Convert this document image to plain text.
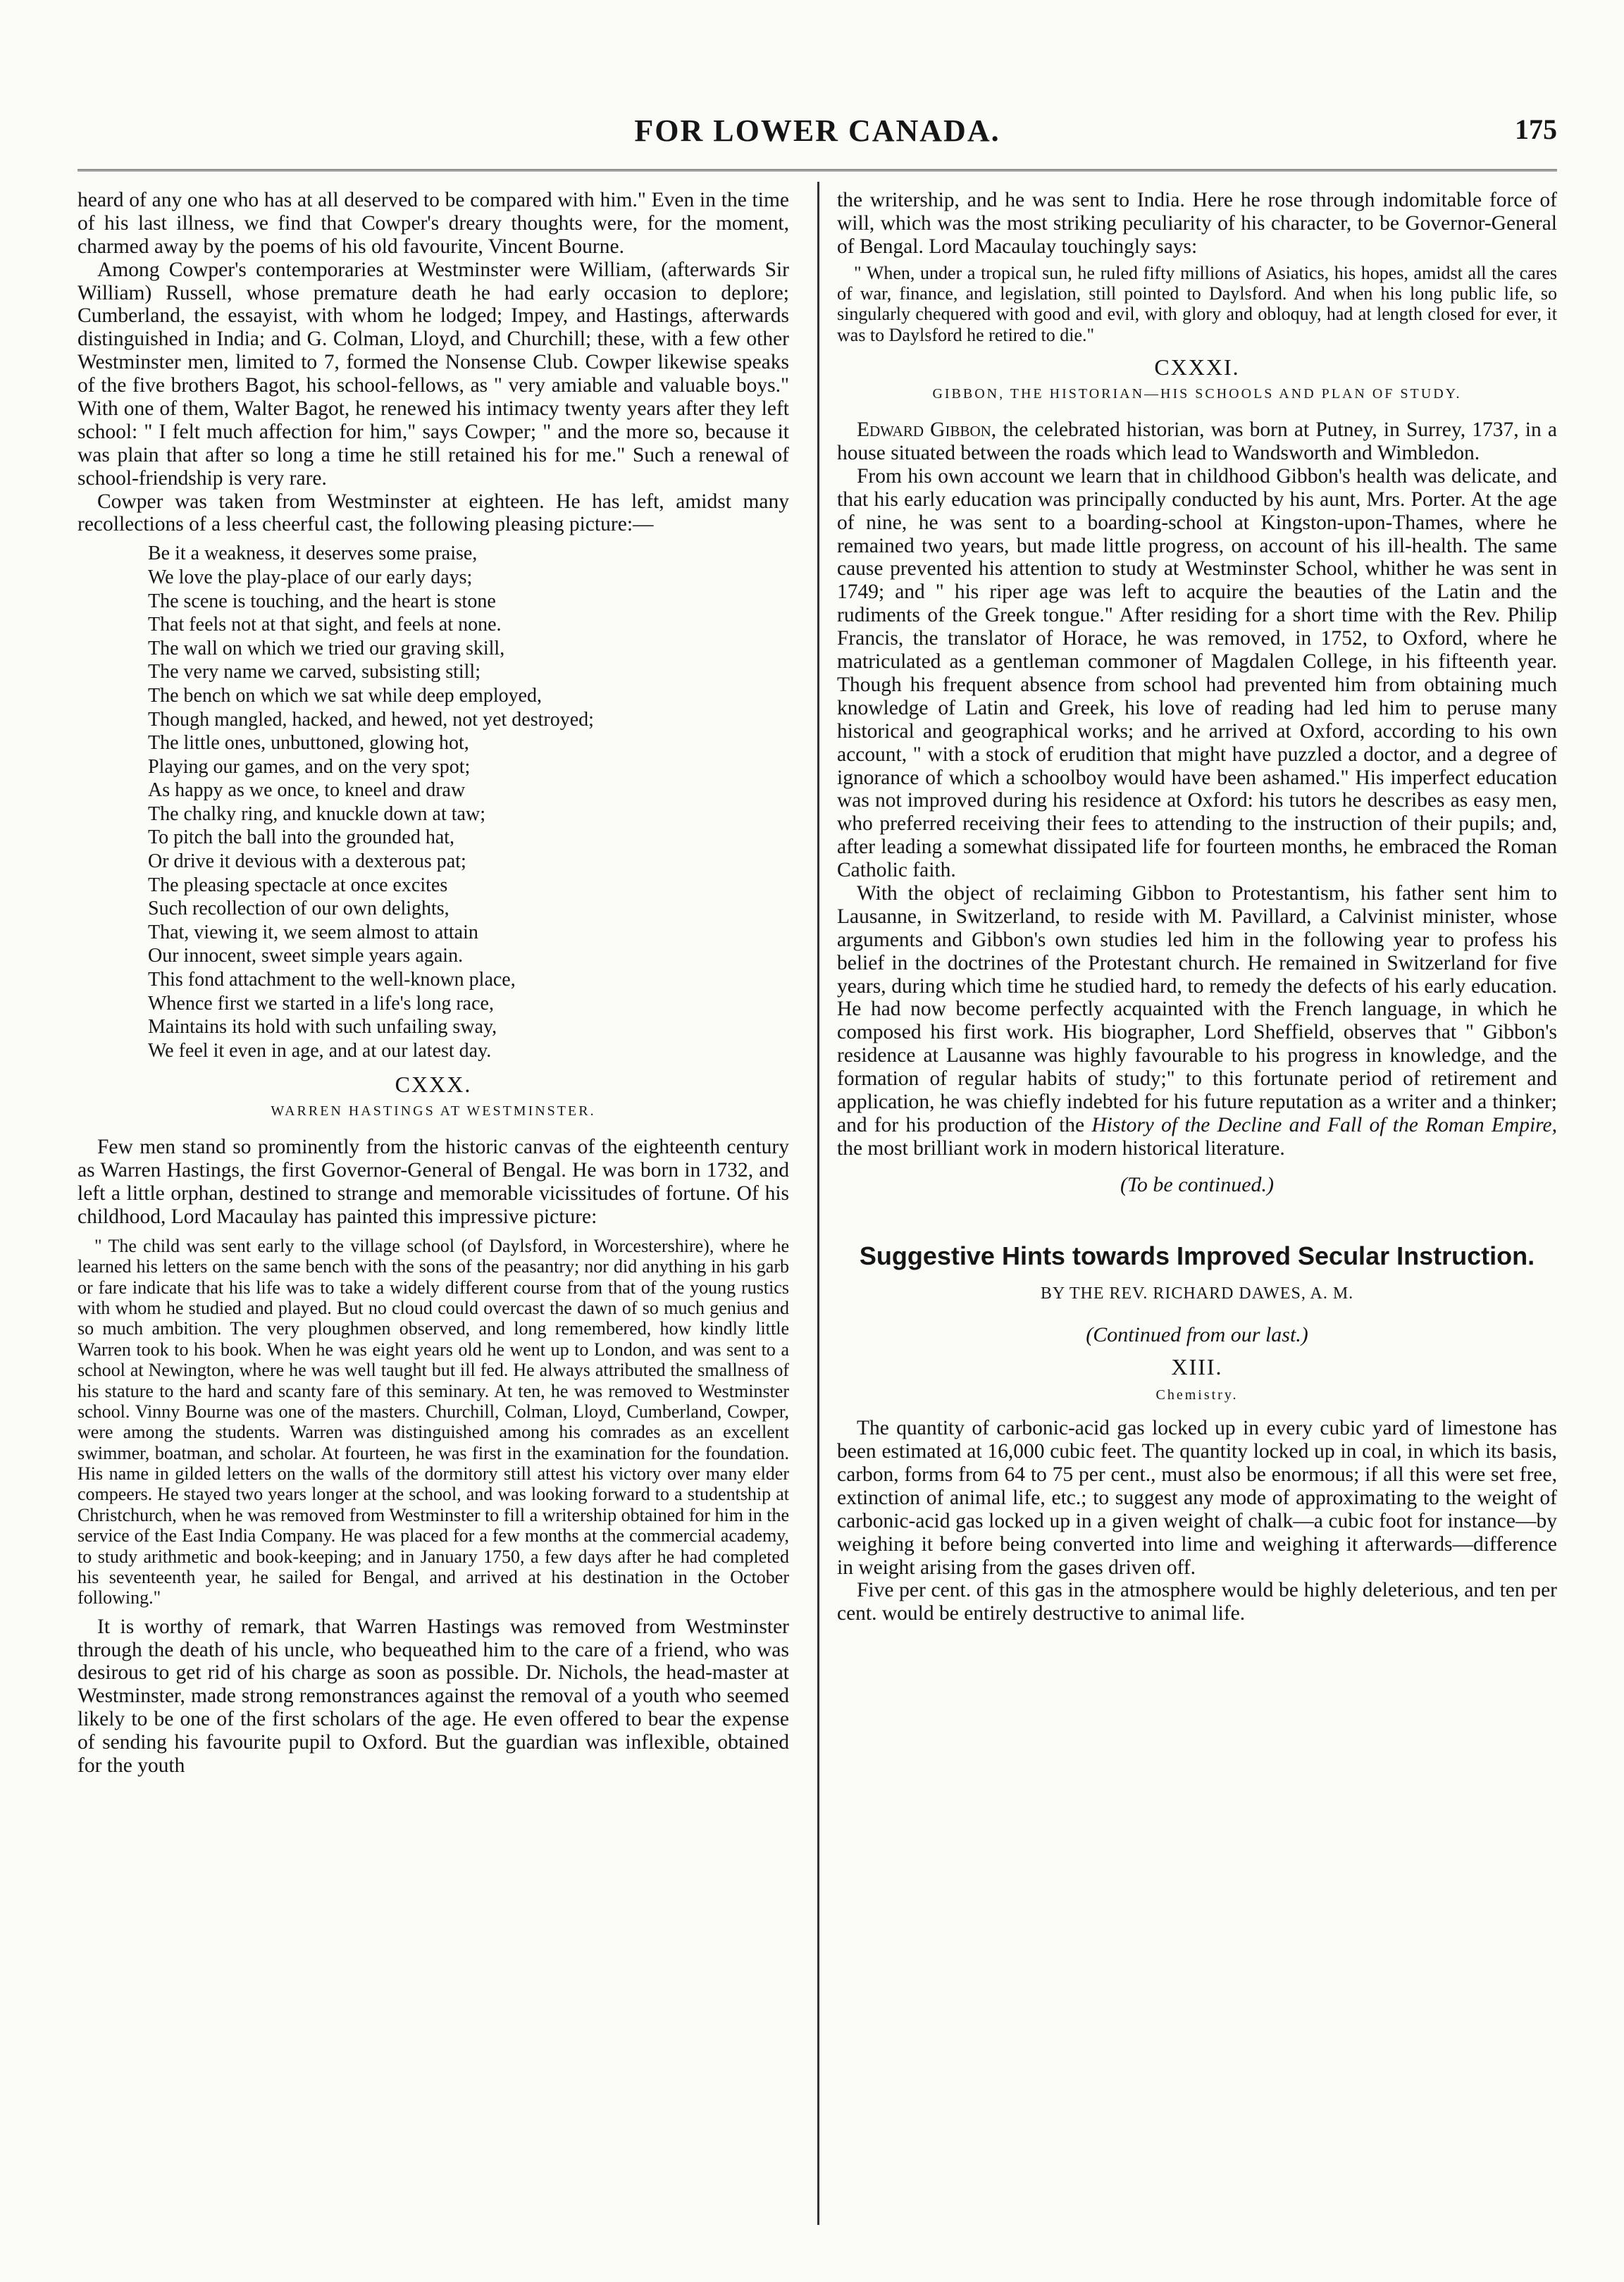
FOR LOWER CANADA.	175

heard of any one who has at all deserved to be compared with him." Even in the time of his last illness, we find that Cowper's dreary thoughts were, for the moment, charmed away by the poems of his old favourite, Vincent Bourne.

Among Cowper's contemporaries at Westminster were William, (afterwards Sir William) Russell, whose premature death he had early occasion to deplore; Cumberland, the essayist, with whom he lodged; Impey, and Hastings, afterwards distinguished in India; and G. Colman, Lloyd, and Churchill; these, with a few other Westminster men, limited to 7, formed the Nonsense Club. Cowper likewise speaks of the five brothers Bagot, his school-fellows, as " very amiable and valuable boys." With one of them, Walter Bagot, he renewed his intimacy twenty years after they left school: " I felt much affection for him," says Cowper; " and the more so, because it was plain that after so long a time he still retained his for me." Such a renewal of school-friendship is very rare.

Cowper was taken from Westminster at eighteen. He has left, amidst many recollections of a less cheerful cast, the following pleasing picture:—

Be it a weakness, it deserves some praise,
We love the play-place of our early days;
The scene is touching, and the heart is stone
That feels not at that sight, and feels at none.
The wall on which we tried our graving skill,
The very name we carved, subsisting still;
The bench on which we sat while deep employed,
Though mangled, hacked, and hewed, not yet destroyed;
The little ones, unbuttoned, glowing hot,
Playing our games, and on the very spot;
As happy as we once, to kneel and draw
The chalky ring, and knuckle down at taw;
To pitch the ball into the grounded hat,
Or drive it devious with a dexterous pat;
The pleasing spectacle at once excites
Such recollection of our own delights,
That, viewing it, we seem almost to attain
Our innocent, sweet simple years again.
This fond attachment to the well-known place,
Whence first we started in a life's long race,
Maintains its hold with such unfailing sway,
We feel it even in age, and at our latest day.
CXXX.
WARREN HASTINGS AT WESTMINSTER.

Few men stand so prominently from the historic canvas of the eighteenth century as Warren Hastings, the first Governor-General of Bengal. He was born in 1732, and left a little orphan, destined to strange and memorable vicissitudes of fortune. Of his childhood, Lord Macaulay has painted this impressive picture:

" The child was sent early to the village school (of Daylsford, in Worcestershire), where he learned his letters on the same bench with the sons of the peasantry; nor did anything in his garb or fare indicate that his life was to take a widely different course from that of the young rustics with whom he studied and played. But no cloud could overcast the dawn of so much genius and so much ambition. The very ploughmen observed, and long remembered, how kindly little Warren took to his book. When he was eight years old he went up to London, and was sent to a school at Newington, where he was well taught but ill fed. He always attributed the smallness of his stature to the hard and scanty fare of this seminary. At ten, he was removed to Westminster school. Vinny Bourne was one of the masters. Churchill, Colman, Lloyd, Cumberland, Cowper, were among the students. Warren was distinguished among his comrades as an excellent swimmer, boatman, and scholar. At fourteen, he was first in the examination for the foundation. His name in gilded letters on the walls of the dormitory still attest his victory over many elder compeers. He stayed two years longer at the school, and was looking forward to a studentship at Christchurch, when he was removed from Westminster to fill a writership obtained for him in the service of the East India Company. He was placed for a few months at the commercial academy, to study arithmetic and book-keeping; and in January 1750, a few days after he had completed his seventeenth year, he sailed for Bengal, and arrived at his destination in the October following."

It is worthy of remark, that Warren Hastings was removed from Westminster through the death of his uncle, who bequeathed him to the care of a friend, who was desirous to get rid of his charge as soon as possible. Dr. Nichols, the head-master at Westminster, made strong remonstrances against the removal of a youth who seemed likely to be one of the first scholars of the age. He even offered to bear the expense of sending his favourite pupil to Oxford. But the guardian was inflexible, obtained for the youth

the writership, and he was sent to India. Here he rose through indomitable force of will, which was the most striking peculiarity of his character, to be Governor-General of Bengal. Lord Macaulay touchingly says:

" When, under a tropical sun, he ruled fifty millions of Asiatics, his hopes, amidst all the cares of war, finance, and legislation, still pointed to Daylsford. And when his long public life, so singularly chequered with good and evil, with glory and obloquy, had at length closed for ever, it was to Daylsford he retired to die."

CXXXI.
GIBBON, THE HISTORIAN—HIS SCHOOLS AND PLAN OF STUDY.

Edward Gibbon, the celebrated historian, was born at Putney, in Surrey, 1737, in a house situated between the roads which lead to Wandsworth and Wimbledon.

From his own account we learn that in childhood Gibbon's health was delicate, and that his early education was principally conducted by his aunt, Mrs. Porter. At the age of nine, he was sent to a boarding-school at Kingston-upon-Thames, where he remained two years, but made little progress, on account of his ill-health. The same cause prevented his attention to study at Westminster School, whither he was sent in 1749; and " his riper age was left to acquire the beauties of the Latin and the rudiments of the Greek tongue." After residing for a short time with the Rev. Philip Francis, the translator of Horace, he was removed, in 1752, to Oxford, where he matriculated as a gentleman commoner of Magdalen College, in his fifteenth year. Though his frequent absence from school had prevented him from obtaining much knowledge of Latin and Greek, his love of reading had led him to peruse many historical and geographical works; and he arrived at Oxford, according to his own account, " with a stock of erudition that might have puzzled a doctor, and a degree of ignorance of which a schoolboy would have been ashamed." His imperfect education was not improved during his residence at Oxford: his tutors he describes as easy men, who preferred receiving their fees to attending to the instruction of their pupils; and, after leading a somewhat dissipated life for fourteen months, he embraced the Roman Catholic faith.

With the object of reclaiming Gibbon to Protestantism, his father sent him to Lausanne, in Switzerland, to reside with M. Pavillard, a Calvinist minister, whose arguments and Gibbon's own studies led him in the following year to profess his belief in the doctrines of the Protestant church. He remained in Switzerland for five years, during which time he studied hard, to remedy the defects of his early education. He had now become perfectly acquainted with the French language, in which he composed his first work. His biographer, Lord Sheffield, observes that " Gibbon's residence at Lausanne was highly favourable to his progress in knowledge, and the formation of regular habits of study;" to this fortunate period of retirement and application, he was chiefly indebted for his future reputation as a writer and a thinker; and for his production of the History of the Decline and Fall of the Roman Empire, the most brilliant work in modern historical literature.

(To be continued.)
Suggestive Hints towards Improved Secular Instruction.
BY THE REV. RICHARD DAWES, A. M.
(Continued from our last.)
XIII.
Chemistry.

The quantity of carbonic-acid gas locked up in every cubic yard of limestone has been estimated at 16,000 cubic feet. The quantity locked up in coal, in which its basis, carbon, forms from 64 to 75 per cent., must also be enormous; if all this were set free, extinction of animal life, etc.; to suggest any mode of approximating to the weight of carbonic-acid gas locked up in a given weight of chalk—a cubic foot for instance—by weighing it before being converted into lime and weighing it afterwards—difference in weight arising from the gases driven off.

Five per cent. of this gas in the atmosphere would be highly deleterious, and ten per cent. would be entirely destructive to animal life.
